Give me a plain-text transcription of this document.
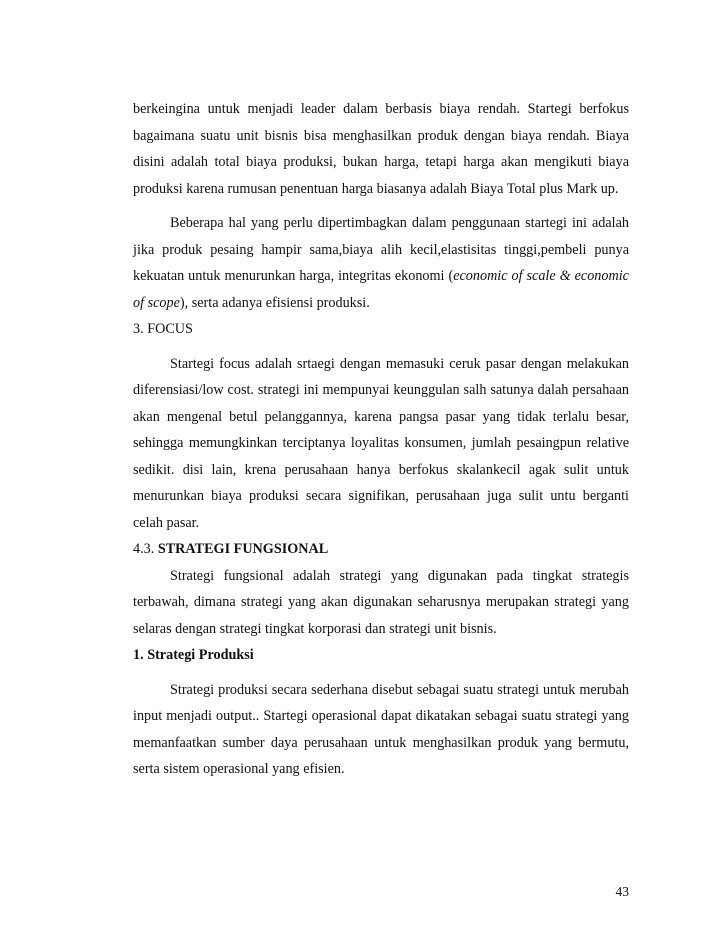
berkeingina untuk menjadi leader dalam berbasis biaya rendah. Startegi berfokus bagaimana suatu unit bisnis bisa menghasilkan produk dengan biaya rendah. Biaya disini adalah total biaya produksi, bukan harga, tetapi harga akan mengikuti biaya produksi karena rumusan penentuan harga biasanya adalah Biaya Total plus Mark up.

Beberapa hal yang perlu dipertimbagkan dalam penggunaan startegi ini adalah jika produk pesaing hampir sama,biaya alih kecil,elastisitas tinggi,pembeli punya kekuatan untuk menurunkan harga, integritas ekonomi (economic of scale & economic of scope), serta adanya efisiensi produksi.

3. FOCUS

Startegi focus adalah srtaegi dengan memasuki ceruk pasar dengan melakukan diferensiasi/low cost. strategi ini mempunyai keunggulan salh satunya dalah persahaan akan mengenal betul pelanggannya, karena pangsa pasar yang tidak terlalu besar, sehingga memungkinkan terciptanya loyalitas konsumen, jumlah pesaingpun relative sedikit. disi lain, krena perusahaan hanya berfokus skalankecil agak sulit untuk menurunkan biaya produksi secara signifikan, perusahaan juga sulit untu berganti celah pasar.

4.3. STRATEGI FUNGSIONAL

Strategi fungsional adalah strategi yang digunakan pada tingkat strategis terbawah, dimana strategi yang akan digunakan seharusnya merupakan strategi yang selaras dengan strategi tingkat korporasi dan strategi unit bisnis.

1. Strategi Produksi

Strategi produksi secara sederhana disebut sebagai suatu strategi untuk merubah input menjadi output.. Startegi operasional dapat dikatakan sebagai suatu strategi yang memanfaatkan sumber daya perusahaan untuk menghasilkan produk yang bermutu, serta sistem operasional yang efisien.

43
